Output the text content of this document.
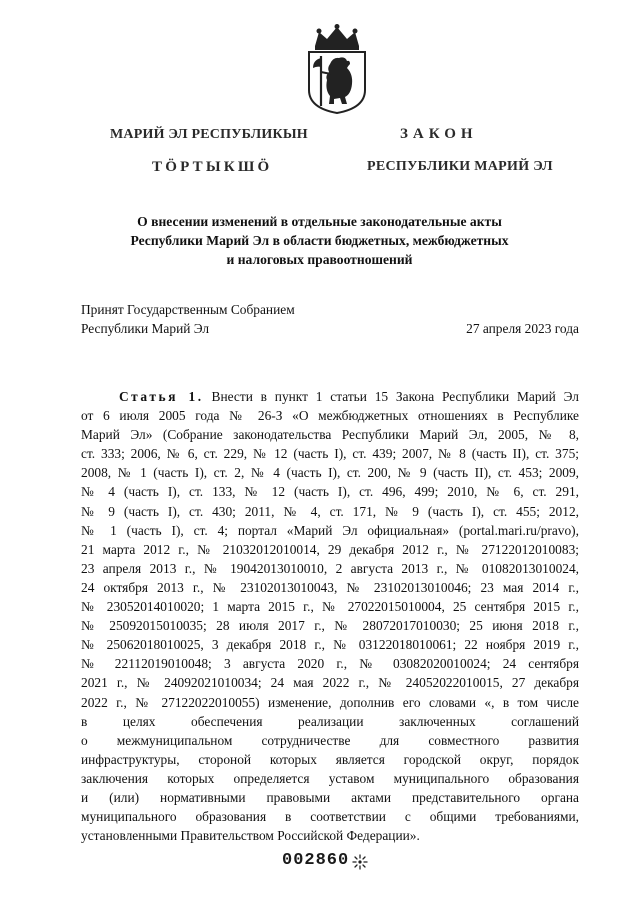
МАРИЙ ЭЛ РЕСПУБЛИКЫН	ЗАКОН
ТӦРТЫКШӦ	РЕСПУБЛИКИ МАРИЙ ЭЛ
О внесении изменений в отдельные законодательные акты
Республики Марий Эл в области бюджетных, межбюджетных
и налоговых правоотношений
Принят Государственным Собранием
Республики Марий Эл	27 апреля 2023 года
Статья 1. Внести в пункт 1 статьи 15 Закона Республики Марий Эл
от 6 июля 2005 года № 26-З «О межбюджетных отношениях в Республике
Марий Эл» (Собрание законодательства Республики Марий Эл, 2005, № 8,
ст. 333; 2006, № 6, ст. 229, № 12 (часть I), ст. 439; 2007, № 8 (часть II), ст. 375;
2008, № 1 (часть I), ст. 2, № 4 (часть I), ст. 200, № 9 (часть II), ст. 453; 2009,
№ 4 (часть I), ст. 133, № 12 (часть I), ст. 496, 499; 2010, № 6, ст. 291,
№ 9 (часть I), ст. 430; 2011, № 4, ст. 171, № 9 (часть I), ст. 455; 2012,
№ 1 (часть I), ст. 4; портал «Марий Эл официальная» (portal.mari.ru/pravo),
21 марта 2012 г., № 21032012010014, 29 декабря 2012 г., № 27122012010083;
23 апреля 2013 г., № 19042013010010, 2 августа 2013 г., № 01082013010024,
24 октября 2013 г., № 23102013010043, № 23102013010046; 23 мая 2014 г.,
№ 23052014010020; 1 марта 2015 г., № 27022015010004, 25 сентября 2015 г.,
№ 25092015010035; 28 июля 2017 г., № 28072017010030; 25 июня 2018 г.,
№ 25062018010025, 3 декабря 2018 г., № 03122018010061; 22 ноября 2019 г.,
№ 22112019010048; 3 августа 2020 г., № 03082020010024; 24 сентября
2021 г., № 24092021010034; 24 мая 2022 г., № 24052022010015, 27 декабря
2022 г., № 27122022010055) изменение, дополнив его словами «, в том числе
в целях обеспечения реализации заключенных соглашений
о межмуниципальном сотрудничестве для совместного развития
инфраструктуры, стороной которых является городской округ, порядок
заключения которых определяется уставом муниципального образования
и (или) нормативными правовыми актами представительного органа
муниципального образования в соответствии с общими требованиями,
установленными Правительством Российской Федерации».
002860
